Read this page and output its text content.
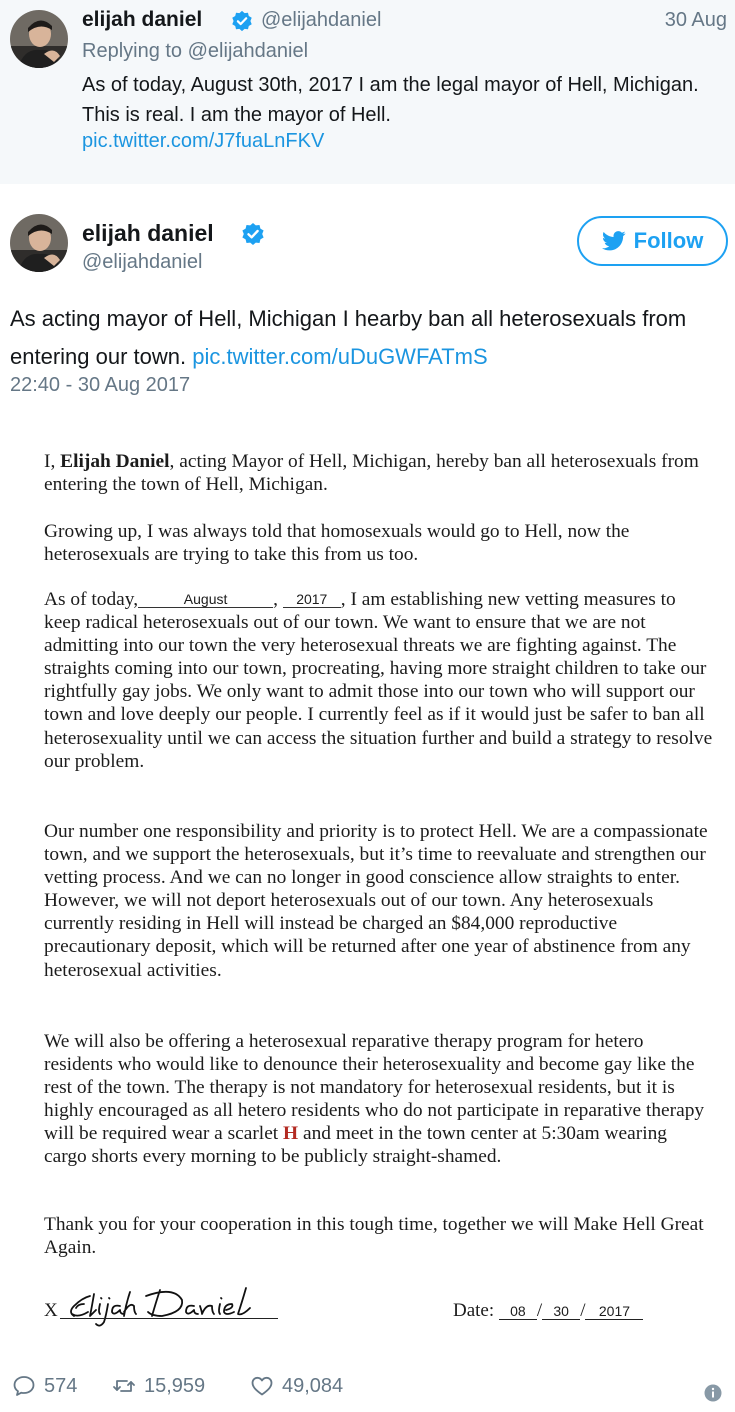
elijah daniel	@elijahdaniel	30 Aug
Replying to @elijahdaniel
As of today, August 30th, 2017 I am the legal mayor of Hell, Michigan. This is real. I am the mayor of Hell.
pic.twitter.com/J7fuaLnFKV
elijah daniel
@elijahdaniel
Follow
As acting mayor of Hell, Michigan I hearby ban all heterosexuals from entering our town. pic.twitter.com/uDuGWFATmS
22:40 - 30 Aug 2017

I, Elijah Daniel, acting Mayor of Hell, Michigan, hereby ban all heterosexuals from entering the town of Hell, Michigan.

Growing up, I was always told that homosexuals would go to Hell, now the heterosexuals are trying to take this from us too.

As of today,	August , 2017 , I am establishing new vetting measures to keep radical heterosexuals out of our town. We want to ensure that we are not admitting into our town the very heterosexual threats we are fighting against. The straights coming into our town, procreating, having more straight children to take our rightfully gay jobs. We only want to admit those into our town who will support our town and love deeply our people. I currently feel as if it would just be safer to ban all heterosexuality until we can access the situation further and build a strategy to resolve our problem.

Our number one responsibility and priority is to protect Hell. We are a compassionate town, and we support the heterosexuals, but it’s time to reevaluate and strengthen our vetting process. And we can no longer in good conscience allow straights to enter. However, we will not deport heterosexuals out of our town. Any heterosexuals currently residing in Hell will instead be charged an $84,000 reproductive precautionary deposit, which will be returned after one year of abstinence from any heterosexual activities.

We will also be offering a heterosexual reparative therapy program for hetero residents who would like to denounce their heterosexuality and become gay like the rest of the town. The therapy is not mandatory for heterosexual residents, but it is highly encouraged as all hetero residents who do not participate in reparative therapy will be required wear a scarlet H and meet in the town center at 5:30am wearing cargo shorts every morning to be publicly straight-shamed.

Thank you for your cooperation in this tough time, together we will Make Hell Great Again.

X	Date: 08 / 30 / 2017
574	15,959	49,084
